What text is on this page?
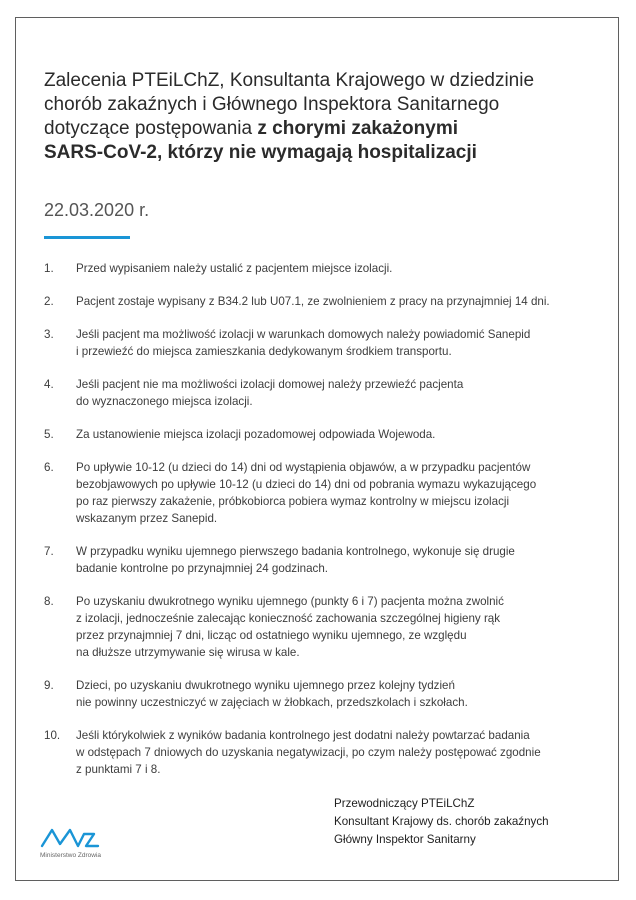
Zalecenia PTEiLChZ, Konsultanta Krajowego w dziedzinie
chorób zakaźnych i Głównego Inspektora Sanitarnego
dotyczące postępowania z chorymi zakażonymi
SARS-CoV-2, którzy nie wymagają hospitalizacji
22.03.2020 r.
1.	Przed wypisaniem należy ustalić z pacjentem miejsce izolacji.
2.	Pacjent zostaje wypisany z B34.2 lub U07.1, ze zwolnieniem z pracy na przynajmniej 14 dni.
3.	Jeśli pacjent ma możliwość izolacji w warunkach domowych należy powiadomić Sanepid
i przewieźć do miejsca zamieszkania dedykowanym środkiem transportu.
4.	Jeśli pacjent nie ma możliwości izolacji domowej należy przewieźć pacjenta
do wyznaczonego miejsca izolacji.
5.	Za ustanowienie miejsca izolacji pozadomowej odpowiada Wojewoda.
6.	Po upływie 10-12 (u dzieci do 14) dni od wystąpienia objawów, a w przypadku pacjentów
bezobjawowych po upływie 10-12 (u dzieci do 14) dni od pobrania wymazu wykazującego
po raz pierwszy zakażenie, próbkobiorca pobiera wymaz kontrolny w miejscu izolacji
wskazanym przez Sanepid.
7.	W przypadku wyniku ujemnego pierwszego badania kontrolnego, wykonuje się drugie
badanie kontrolne po przynajmniej 24 godzinach.
8.	Po uzyskaniu dwukrotnego wyniku ujemnego (punkty 6 i 7) pacjenta można zwolnić
z izolacji, jednocześnie zalecając konieczność zachowania szczególnej higieny rąk
przez przynajmniej 7 dni, licząc od ostatniego wyniku ujemnego, ze względu
na dłuższe utrzymywanie się wirusa w kale.
9.	Dzieci, po uzyskaniu dwukrotnego wyniku ujemnego przez kolejny tydzień
nie powinny uczestniczyć w zajęciach w żłobkach, przedszkolach i szkołach.
10.	Jeśli którykolwiek z wyników badania kontrolnego jest dodatni należy powtarzać badania
w odstępach 7 dniowych do uzyskania negatywizacji, po czym należy postępować zgodnie
z punktami 7 i 8.
Przewodniczący PTEiLChZ
Konsultant Krajowy ds. chorób zakaźnych
Główny Inspektor Sanitarny
Ministerstwo Zdrowia
